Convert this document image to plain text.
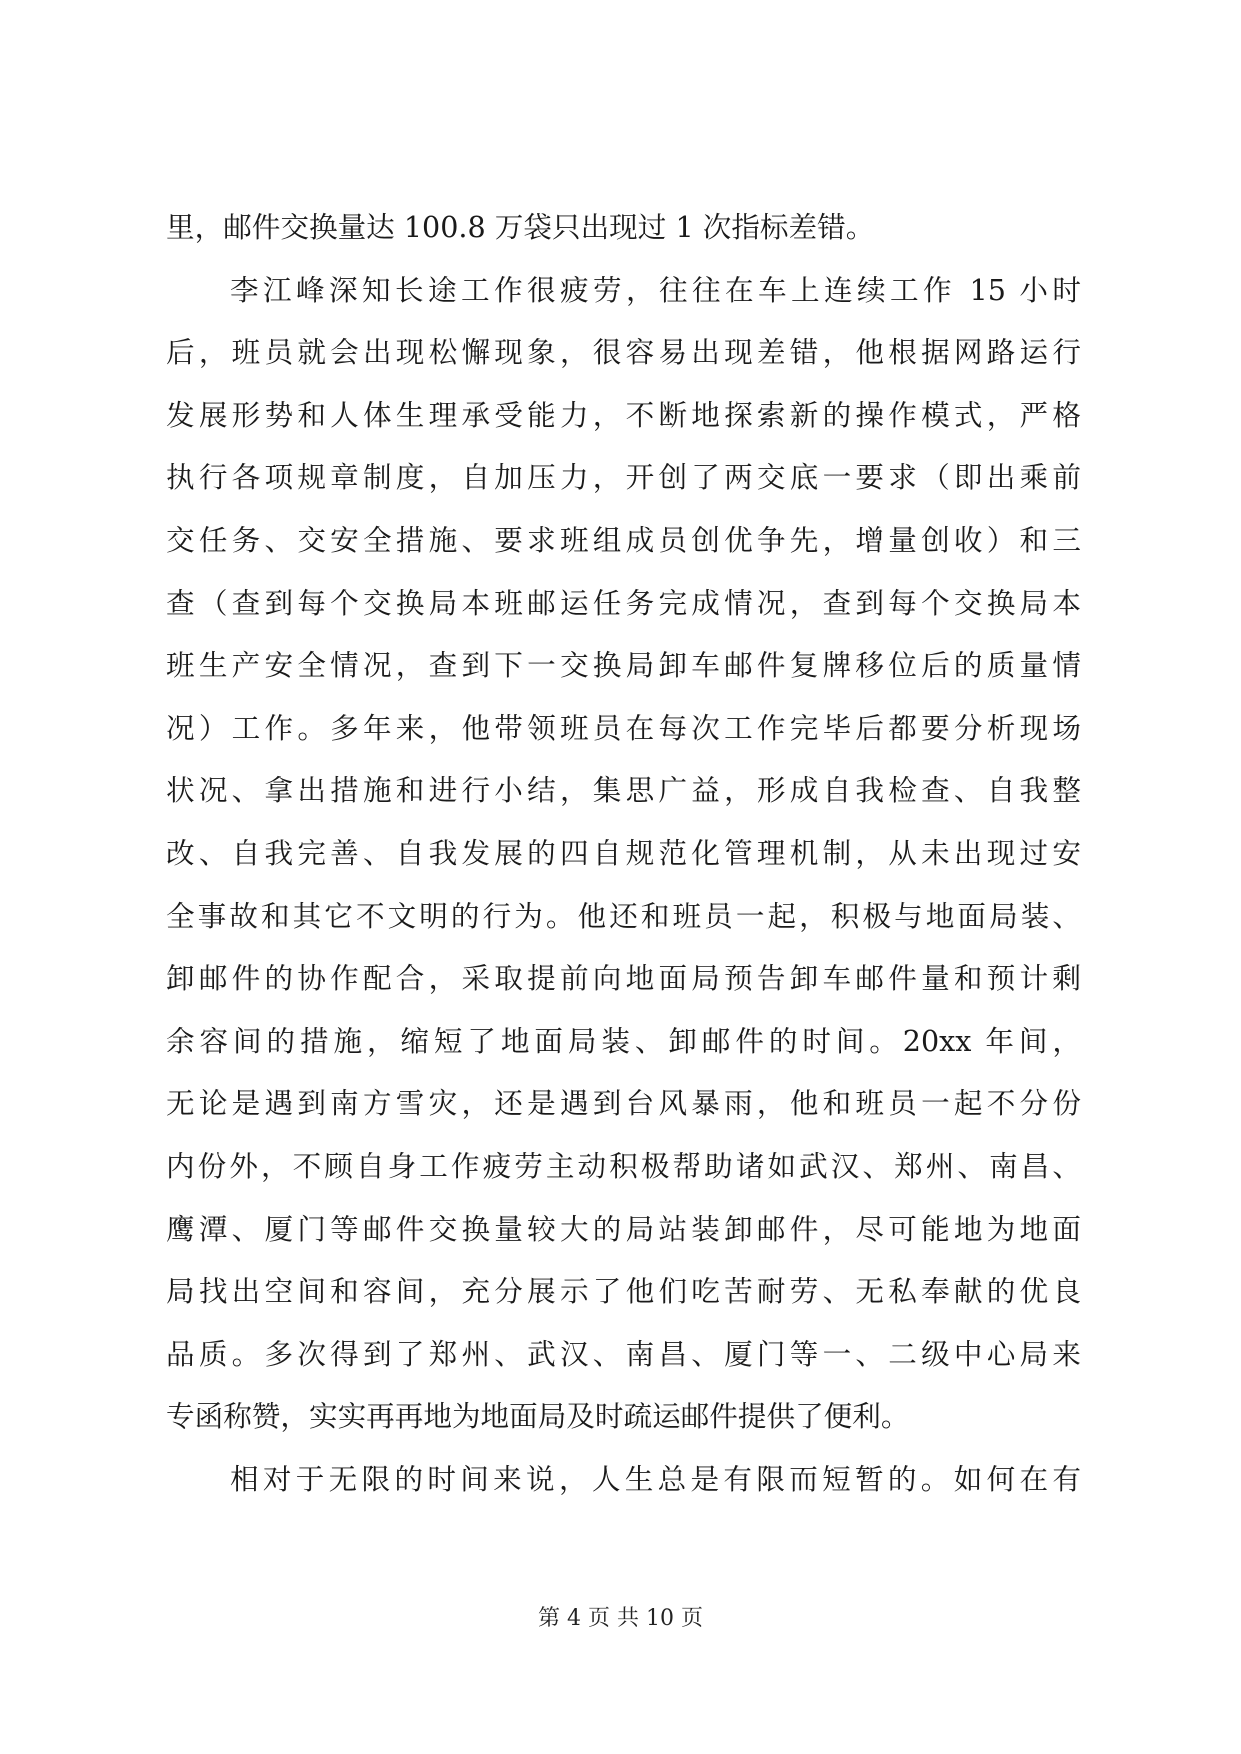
里，邮件交换量达 100.8 万袋只出现过 1 次指标差错。
李江峰深知长途工作很疲劳，往往在车上连续工作 15 小时
后，班员就会出现松懈现象，很容易出现差错，他根据网路运行
发展形势和人体生理承受能力，不断地探索新的操作模式，严格
执行各项规章制度，自加压力，开创了两交底一要求（即出乘前
交任务、交安全措施、要求班组成员创优争先，增量创收）和三
查（查到每个交换局本班邮运任务完成情况，查到每个交换局本
班生产安全情况，查到下一交换局卸车邮件复牌移位后的质量情
况）工作。多年来，他带领班员在每次工作完毕后都要分析现场
状况、拿出措施和进行小结，集思广益，形成自我检查、自我整
改、自我完善、自我发展的四自规范化管理机制，从未出现过安
全事故和其它不文明的行为。他还和班员一起，积极与地面局装、
卸邮件的协作配合，采取提前向地面局预告卸车邮件量和预计剩
余容间的措施，缩短了地面局装、卸邮件的时间。20xx 年间，
无论是遇到南方雪灾，还是遇到台风暴雨，他和班员一起不分份
内份外，不顾自身工作疲劳主动积极帮助诸如武汉、郑州、南昌、
鹰潭、厦门等邮件交换量较大的局站装卸邮件，尽可能地为地面
局找出空间和容间，充分展示了他们吃苦耐劳、无私奉献的优良
品质。多次得到了郑州、武汉、南昌、厦门等一、二级中心局来
专函称赞，实实再再地为地面局及时疏运邮件提供了便利。
相对于无限的时间来说，人生总是有限而短暂的。如何在有
第 4 页 共 10 页
